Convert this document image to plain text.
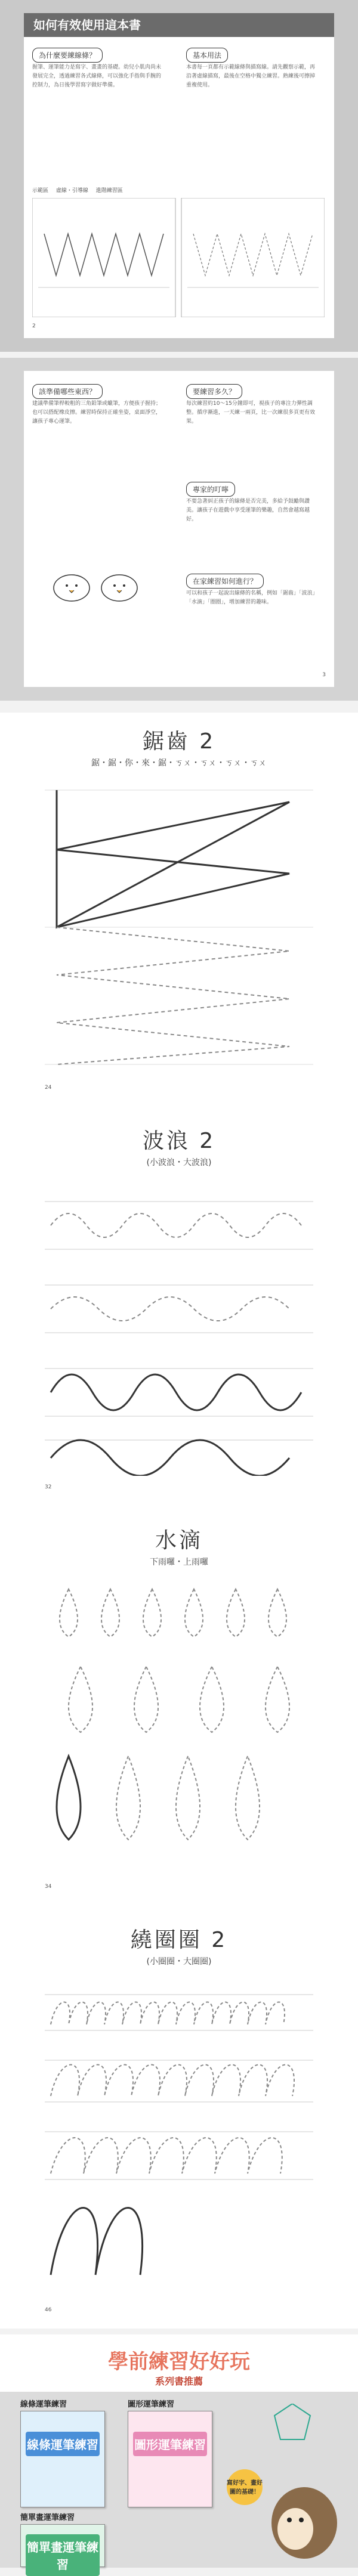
如何有效使用這本書
為什麼要練線條？
握筆、運筆能力是寫字、畫畫的基礎。幼兒小肌肉尚未發展完全，透過練習各式線條，可以強化手指與手腕的控制力，為日後學習寫字做好準備。
基本用法
本書每一頁都有示範線條與描寫線。請先觀察示範，再沿著虛線描寫，最後在空格中獨立練習。熟練後可擦掉重複使用。
示範區 虛線・引導線 進階練習區
2
該準備哪些東西？
建議準備筆桿較粗的三角鉛筆或蠟筆，方便孩子握持；也可以搭配橡皮擦。練習時保持正確坐姿，桌面淨空，讓孩子專心運筆。
要練習多久？
每次練習約10～15分鐘即可，視孩子的專注力彈性調整。循序漸進，一天練一兩頁，比一次練很多頁更有效果。
專家的叮嚀
不要急著糾正孩子的線條是否完美，多給予鼓勵與讚美。讓孩子在遊戲中享受運筆的樂趣，自然會越寫越好。
在家練習如何進行？
可以和孩子一起說出線條的名稱，例如「鋸齒」「波浪」「水滴」「圈圈」，增加練習的趣味。
3
鋸齒 2
鋸・鋸・你・來・鋸・ㄎㄨ・ㄎㄨ・ㄎㄨ・ㄎㄨ
24
波浪 2
(小波浪・大波浪)
32
水滴
下雨囉・上雨囉
34
繞圈圈 2
(小圈圈・大圈圈)
46
學前練習好好玩
系列書推薦
線條運筆練習
線條運筆練習
圖形運筆練習
圖形運筆練習
簡單畫運筆練習
簡單畫運筆練習
寫好字、畫好圖的基礎！
